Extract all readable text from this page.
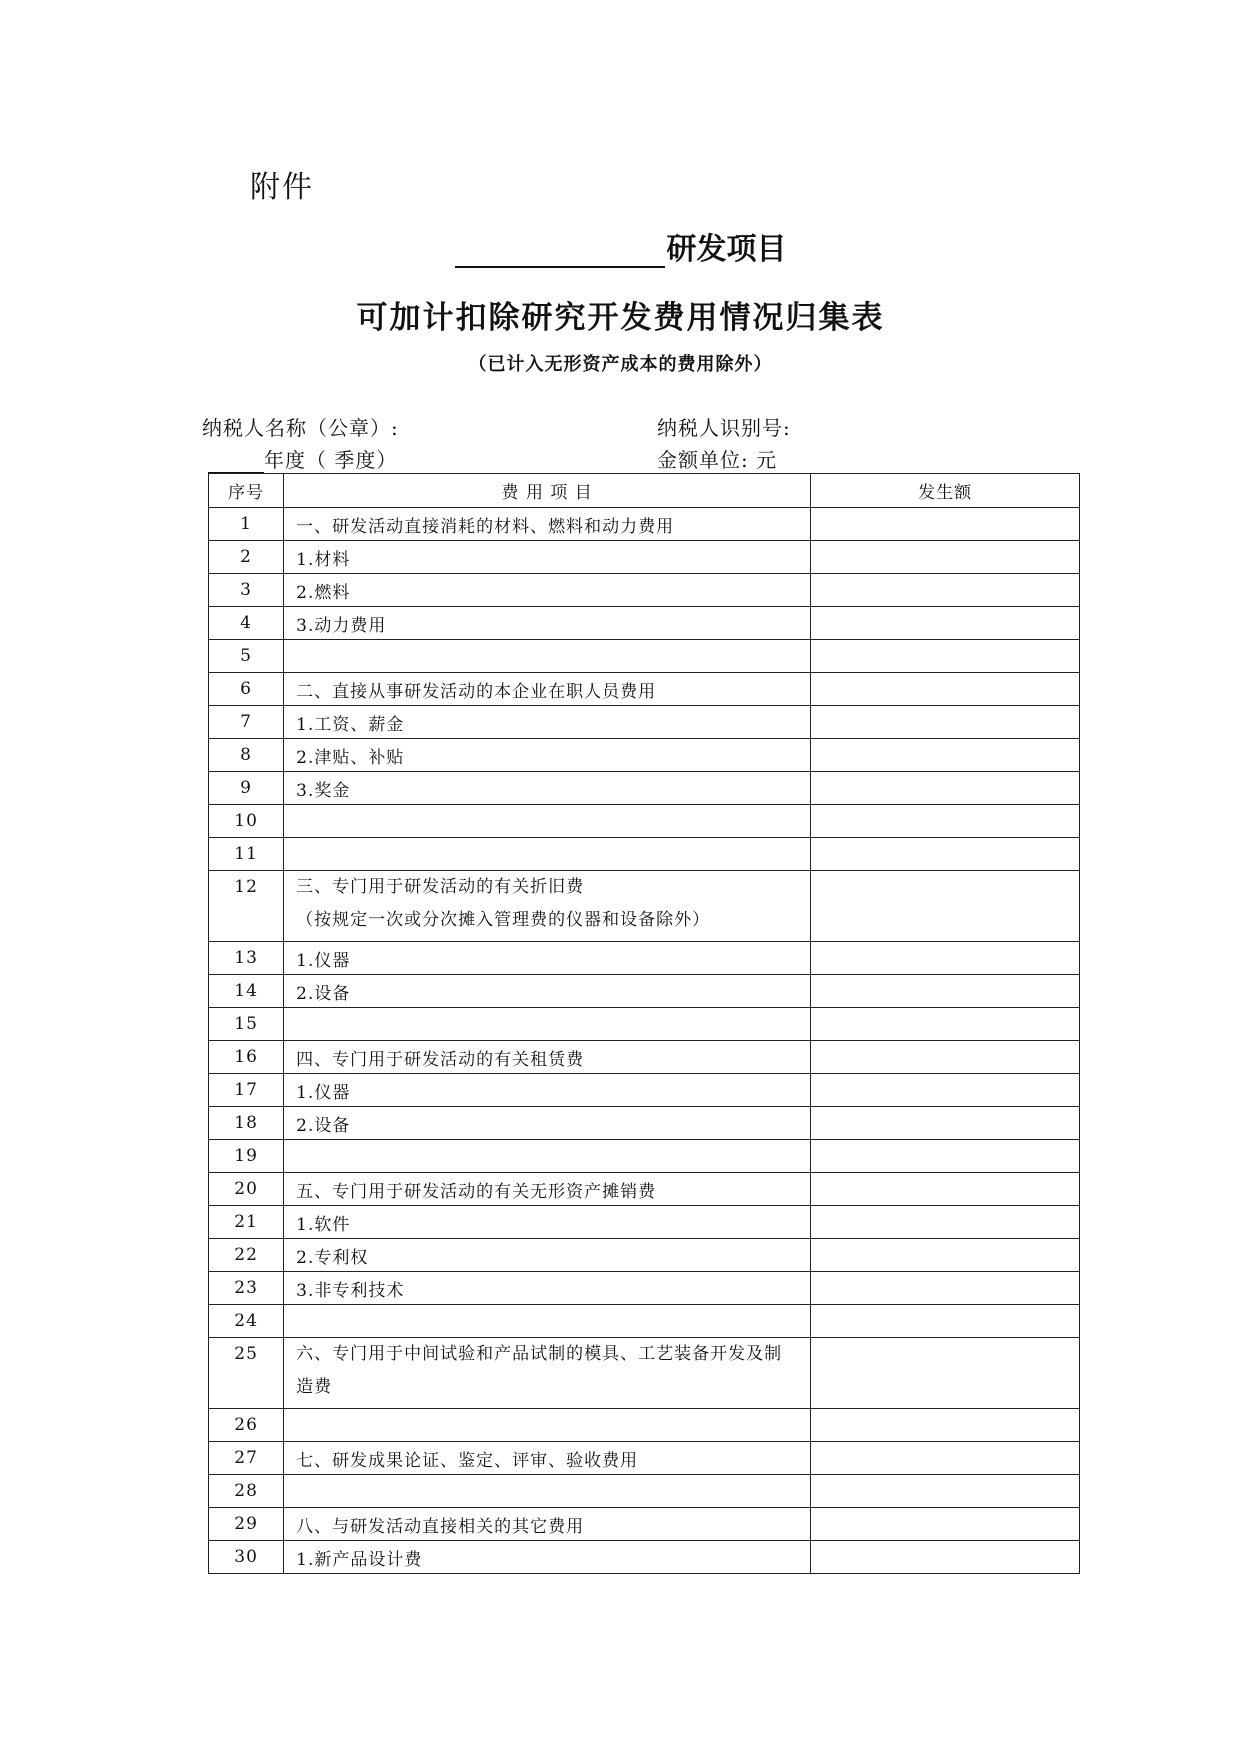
附件
研发项目
可加计扣除研究开发费用情况归集表
（已计入无形资产成本的费用除外）
纳税人名称（公章）:	纳税人识别号:
年度（ 季度）	金额单位: 元
序号	费 用 项 目	发生额
1	一、研发活动直接消耗的材料、燃料和动力费用	
2	1.材料	
3	2.燃料	
4	3.动力费用	
5		
6	二、直接从事研发活动的本企业在职人员费用	
7	1.工资、薪金	
8	2.津贴、补贴	
9	3.奖金	
10		
11		
12	三、专门用于研发活动的有关折旧费
（按规定一次或分次摊入管理费的仪器和设备除外）	

13	1.仪器	
14	2.设备	
15		
16	四、专门用于研发活动的有关租赁费	
17	1.仪器	
18	2.设备	
19		
20	五、专门用于研发活动的有关无形资产摊销费	
21	1.软件	
22	2.专利权	
23	3.非专利技术	
24		
25	六、专门用于中间试验和产品试制的模具、工艺装备开发及制
造费	

26		
27	七、研发成果论证、鉴定、评审、验收费用	
28		
29	八、与研发活动直接相关的其它费用	
30	1.新产品设计费	
